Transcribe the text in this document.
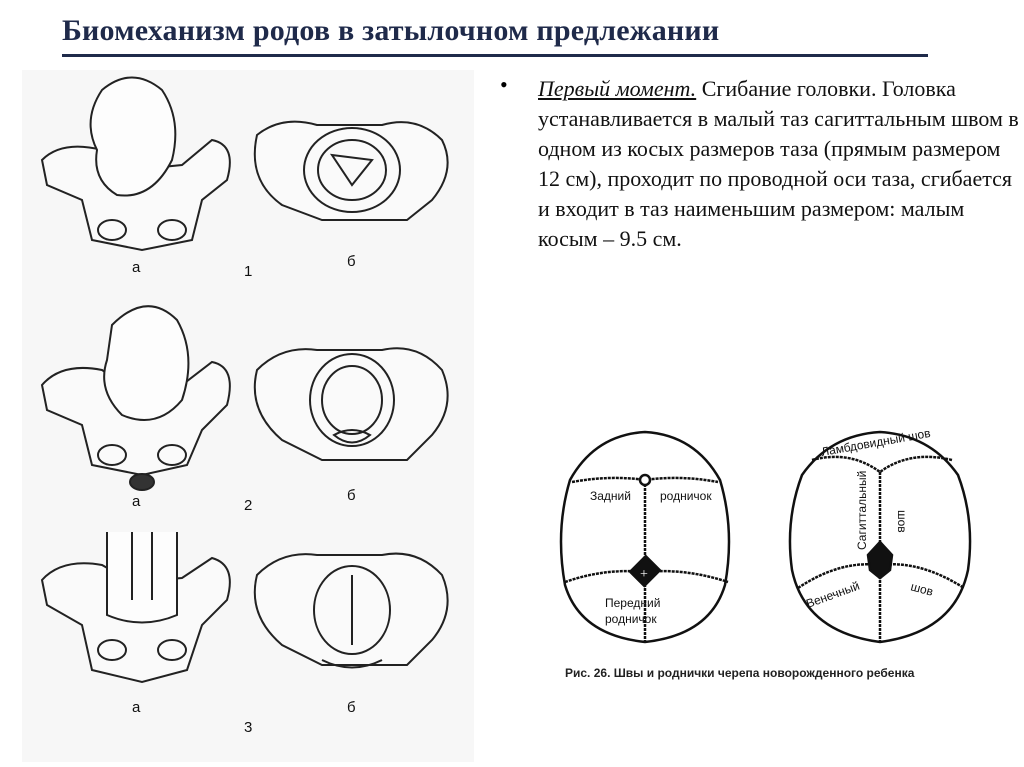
Биомеханизм родов в затылочном предлежании
а	1
б
а	2
б
а
3
б
• Первый момент. Сгибание головки. Головка устанавливается в малый таз сагиттальным швом в одном из косых размеров таза (прямым размером 12 см), проходит по проводной оси таза, сгибается и входит в таз наименьшим размером: малым косым – 9.5 см.
+
Задний родничок
Передний
родничок
Ламбдовидный шов
Сагиттальный шов
Венечный	шов
Рис. 26. Швы и роднички черепа новорожденного ребенка
